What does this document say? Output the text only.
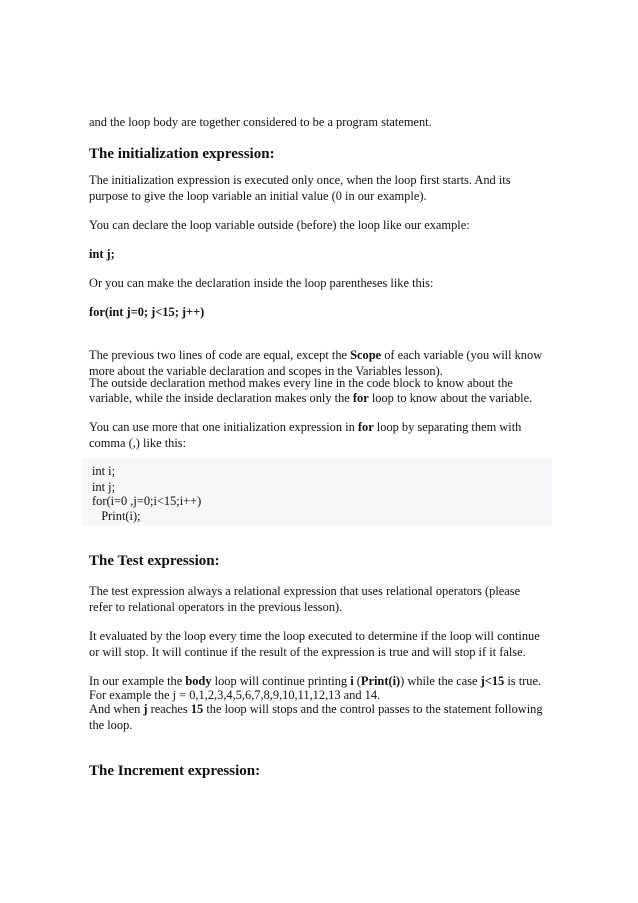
and the loop body are together considered to be a program statement.

The initialization expression:

The initialization expression is executed only once, when the loop first starts. And its

purpose to give the loop variable an initial value (0 in our example).

You can declare the loop variable outside (before) the loop like our example:

int j;

Or you can make the declaration inside the loop parentheses like this:

for(int j=0; j<15; j++)

The previous two lines of code are equal, except the Scope of each variable (you will know

more about the variable declaration and scopes in the Variables lesson).

The outside declaration method makes every line in the code block to know about the

variable, while the inside declaration makes only the for loop to know about the variable.

You can use more that one initialization expression in for loop by separating them with

comma (,) like this:

int i;
int j;
for(i=0 ,j=0;i<15;i++)
Print(i);
The Test expression:

The test expression always a relational expression that uses relational operators (please

refer to relational operators in the previous lesson).

It evaluated by the loop every time the loop executed to determine if the loop will continue

or will stop. It will continue if the result of the expression is true and will stop if it false.

In our example the body loop will continue printing i (Print(i)) while the case j<15 is true.

For example the j = 0,1,2,3,4,5,6,7,8,9,10,11,12,13 and 14.

And when j reaches 15 the loop will stops and the control passes to the statement following

the loop.

The Increment expression:
